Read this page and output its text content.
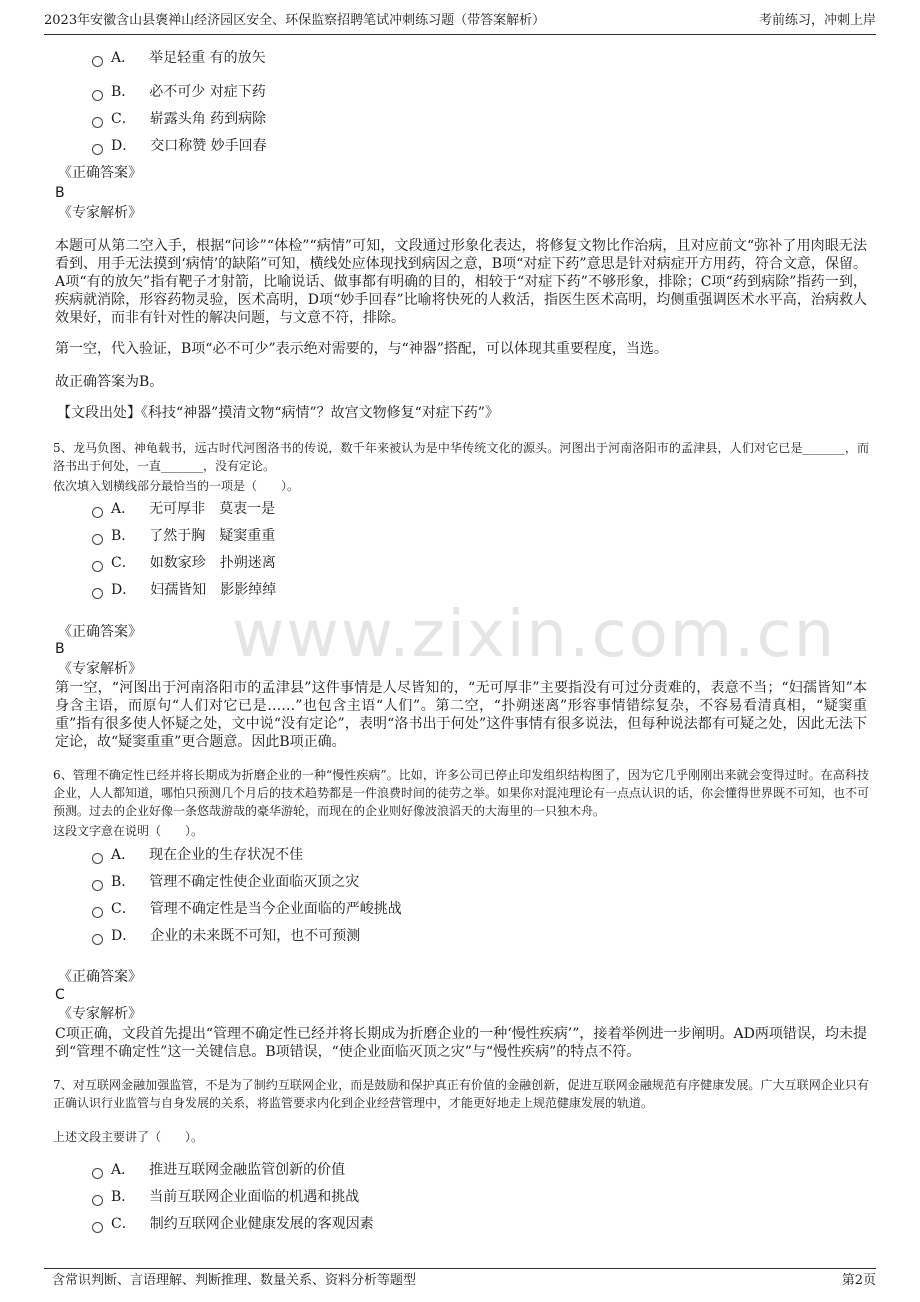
2023年安徽含山县褒禅山经济园区安全、环保监察招聘笔试冲刺练习题（带答案解析）	考前练习，冲刺上岸
www.zixin.com.cn
A． 举足轻重 有的放矢
B． 必不可少 对症下药
C． 崭露头角 药到病除
D． 交口称赞 妙手回春
《正确答案》
B
《专家解析》
本题可从第二空入手，根据“问诊”“体检”“病情”可知，文段通过形象化表达，将修复文物比作治病，且对应前文“弥补了用肉眼无法看到、用手无法摸到‘病情’的缺陷”可知，横线处应体现找到病因之意，B项“对症下药”意思是针对病症开方用药，符合文意，保留。A项“有的放矢”指有靶子才射箭，比喻说话、做事都有明确的目的，相较于“对症下药”不够形象，排除；C项“药到病除”指药一到，疾病就消除，形容药物灵验，医术高明，D项“妙手回春”比喻将快死的人救活，指医生医术高明，均侧重强调医术水平高，治病救人效果好，而非有针对性的解决问题，与文意不符，排除。
第一空，代入验证，B项“必不可少”表示绝对需要的，与“神器”搭配，可以体现其重要程度，当选。
故正确答案为B。
【文段出处】《科技“神器”摸清文物“病情”？故宫文物修复“对症下药”》
5、龙马负图、神龟载书，远古时代河图洛书的传说，数千年来被认为是中华传统文化的源头。河图出于河南洛阳市的孟津县，人们对它已是_______，而洛书出于何处，一直_______，没有定论。
依次填入划横线部分最恰当的一项是（　　）。
A． 无可厚非　莫衷一是
B． 了然于胸　疑窦重重
C． 如数家珍　扑朔迷离
D． 妇孺皆知　影影绰绰
《正确答案》
B
《专家解析》
第一空，“河图出于河南洛阳市的孟津县”这件事情是人尽皆知的，“无可厚非”主要指没有可过分责难的，表意不当；“妇孺皆知”本身含主语，而原句“人们对它已是……”也包含主语“人们”。第二空，“扑朔迷离”形容事情错综复杂，不容易看清真相，“疑窦重重”指有很多使人怀疑之处，文中说“没有定论”，表明“洛书出于何处”这件事情有很多说法，但每种说法都有可疑之处，因此无法下定论，故“疑窦重重”更合题意。因此B项正确。
6、管理不确定性已经并将长期成为折磨企业的一种“慢性疾病”。比如，许多公司已停止印发组织结构图了，因为它几乎刚刚出来就会变得过时。在高科技企业，人人都知道，哪怕只预测几个月后的技术趋势都是一件浪费时间的徒劳之举。如果你对混沌理论有一点点认识的话，你会懂得世界既不可知，也不可预测。过去的企业好像一条悠哉游哉的豪华游轮，而现在的企业则好像波浪滔天的大海里的一只独木舟。
这段文字意在说明（　　）。
A． 现在企业的生存状况不佳
B． 管理不确定性使企业面临灭顶之灾
C． 管理不确定性是当今企业面临的严峻挑战
D． 企业的未来既不可知，也不可预测
《正确答案》
C
《专家解析》
C项正确，文段首先提出“管理不确定性已经并将长期成为折磨企业的一种‘慢性疾病’”，接着举例进一步阐明。AD两项错误，均未提到“管理不确定性”这一关键信息。B项错误，“使企业面临灭顶之灾”与“慢性疾病”的特点不符。
7、对互联网金融加强监管，不是为了制约互联网企业，而是鼓励和保护真正有价值的金融创新，促进互联网金融规范有序健康发展。广大互联网企业只有正确认识行业监管与自身发展的关系，将监管要求内化到企业经营管理中，才能更好地走上规范健康发展的轨道。
上述文段主要讲了（　　）。
A． 推进互联网金融监管创新的价值
B． 当前互联网企业面临的机遇和挑战
C． 制约互联网企业健康发展的客观因素
含常识判断、言语理解、判断推理、数量关系、资料分析等题型	第2页
